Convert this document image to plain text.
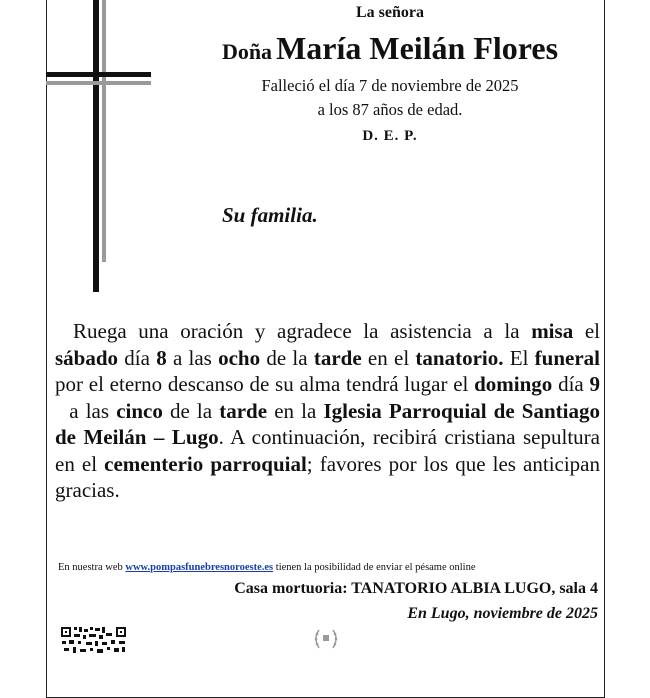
La señora
Doña María Meilán Flores
Falleció el día 7 de noviembre de 2025
a los 87 años de edad.
D. E. P.
Su familia.
Ruega una oración y agradece la asistencia a la misa el sábado día 8 a las ocho de la tarde en el tanatorio. El funeral por el eterno descanso de su alma tendrá lugar el domingo día 9  a las cinco de la tarde en la Iglesia Parroquial de Santiago de Meilán – Lugo. A continuación, recibirá cristiana sepultura en el cementerio parroquial; favores por los que les anticipan gracias.
En nuestra web www.pompasfunebresnoroeste.es tienen la posibilidad de enviar el pésame online
Casa mortuoria: TANATORIO ALBIA LUGO, sala 4
En Lugo, noviembre de 2025
